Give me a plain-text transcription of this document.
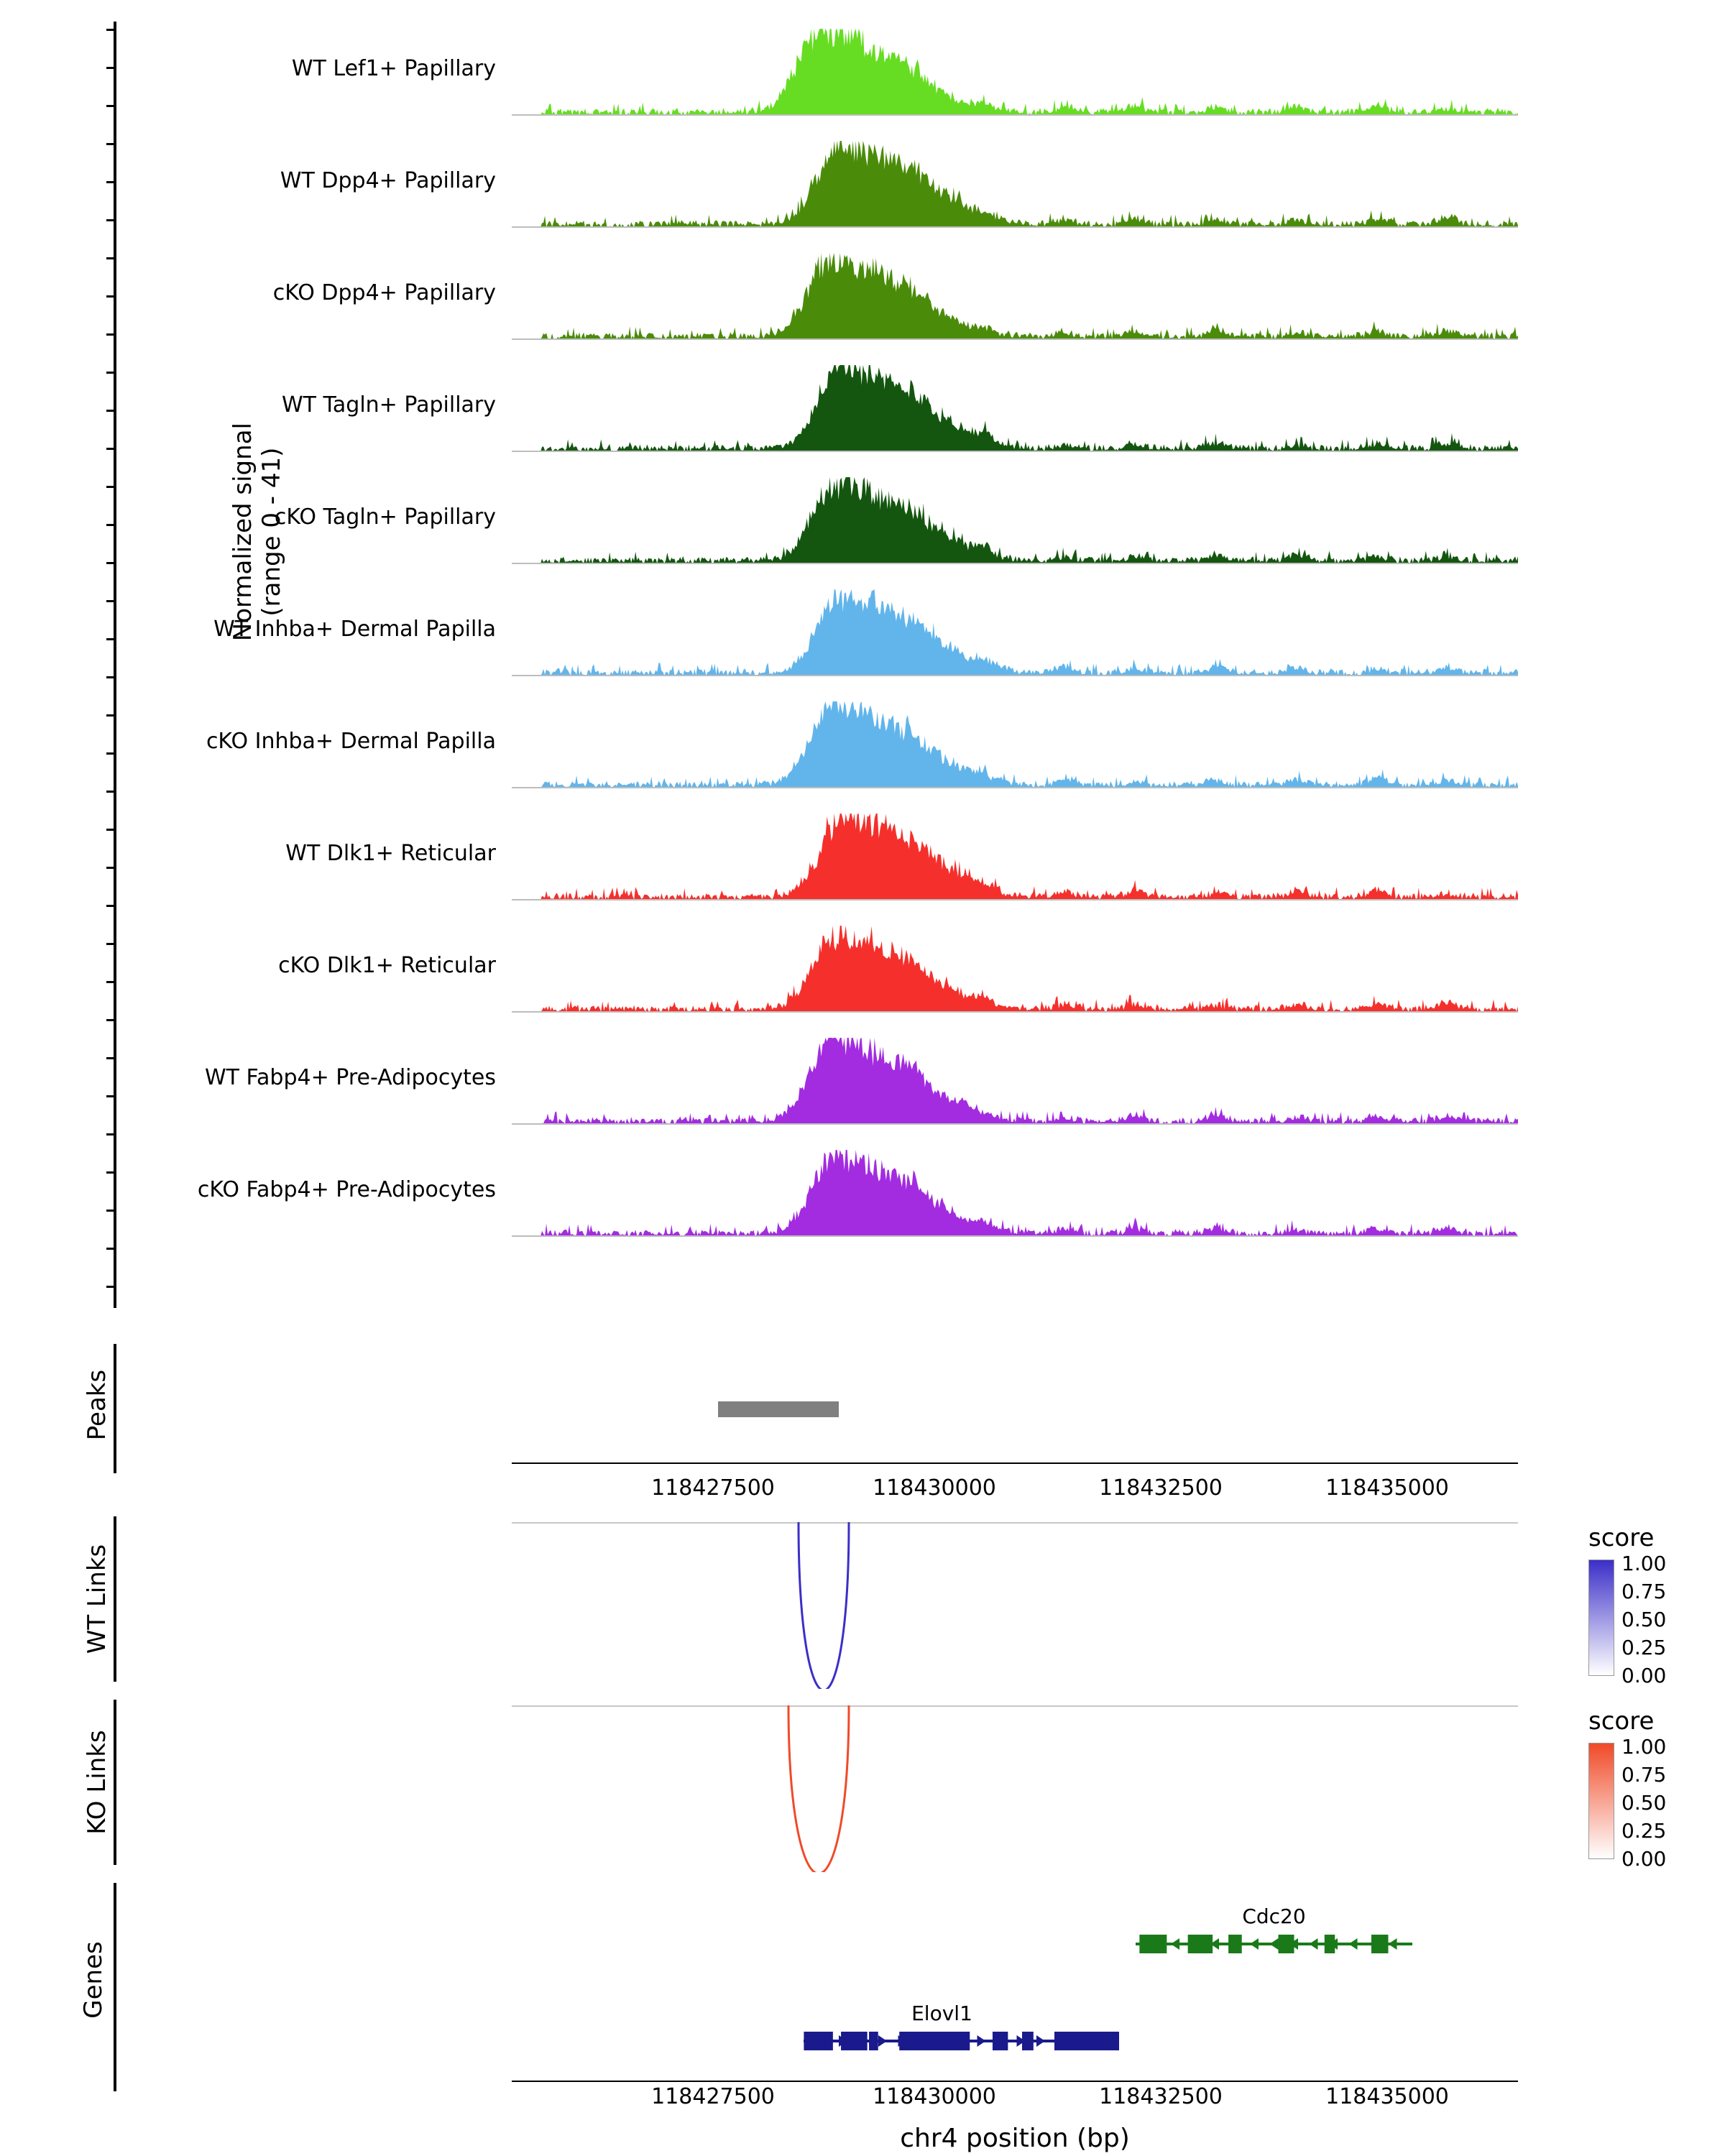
Normalized signal
(range 0 - 41)
WT Lef1+ Papillary
WT Dpp4+ Papillary
cKO Dpp4+ Papillary
WT Tagln+ Papillary
cKO Tagln+ Papillary
WT Inhba+ Dermal Papilla
cKO Inhba+ Dermal Papilla
WT Dlk1+ Reticular
cKO Dlk1+ Reticular
WT Fabp4+ Pre-Adipocytes
cKO Fabp4+ Pre-Adipocytes
Peaks
118427500	118430000	118432500	118435000
WT Links
score
1.00
0.75
0.50
0.25
0.00
KO Links
score
1.00
0.75
0.50
0.25
0.00
Genes
Cdc20
Elovl1
118427500	118430000	118432500	118435000
chr4 position (bp)
